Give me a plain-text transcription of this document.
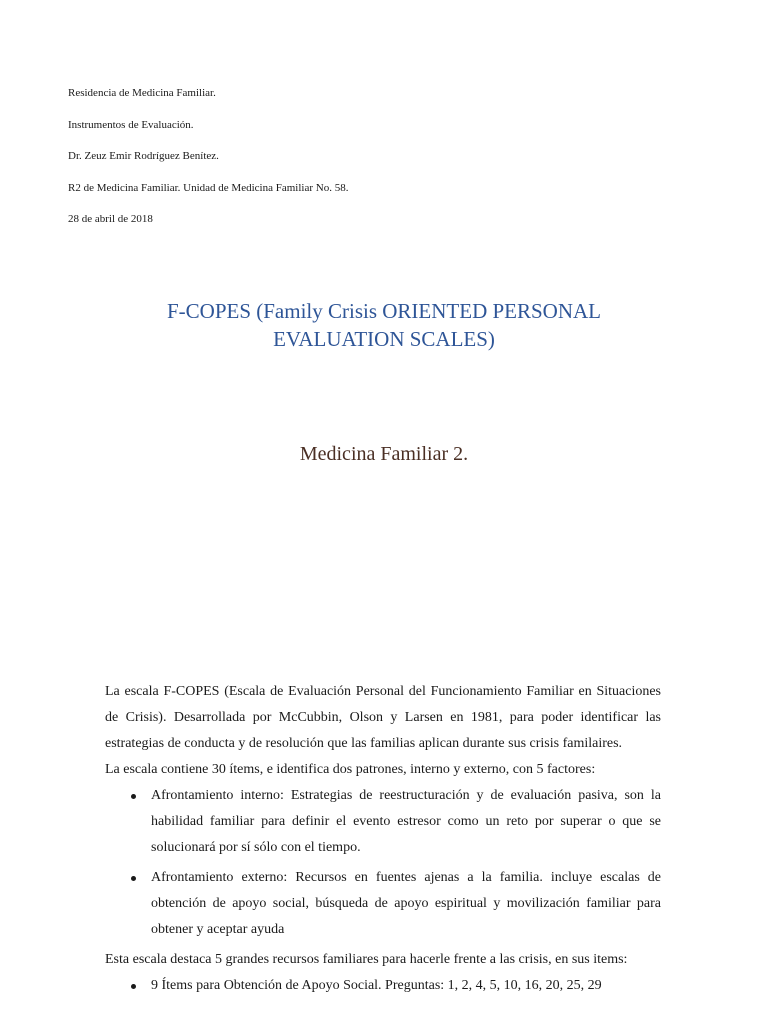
Residencia de Medicina Familiar.
Instrumentos de Evaluación.
Dr. Zeuz Emir Rodríguez Benítez.
R2 de Medicina Familiar. Unidad de Medicina Familiar No. 58.
28 de abril de 2018
F-COPES (Family Crisis ORIENTED PERSONAL
EVALUATION SCALES)
Medicina Familiar 2.

La escala F-COPES (Escala de Evaluación Personal del Funcionamiento Familiar en Situaciones de Crisis). Desarrollada por McCubbin, Olson y Larsen en 1981, para poder identificar las estrategias de conducta y de resolución que las familias aplican durante sus crisis familaires.

La escala contiene 30 ítems, e identifica dos patrones, interno y externo, con 5 factores:

Afrontamiento interno: Estrategias de reestructuración y de evaluación pasiva, son la habilidad familiar para definir el evento estresor como un reto por superar o que se solucionará por sí sólo con el tiempo.
Afrontamiento externo: Recursos en fuentes ajenas a la familia. incluye escalas de obtención de apoyo social, búsqueda de apoyo espiritual y movilización familiar para obtener y aceptar ayuda

Esta escala destaca 5 grandes recursos familiares para hacerle frente a las crisis, en sus items:

9 Ítems para Obtención de Apoyo Social. Preguntas: 1, 2, 4, 5, 10, 16, 20, 25, 29
